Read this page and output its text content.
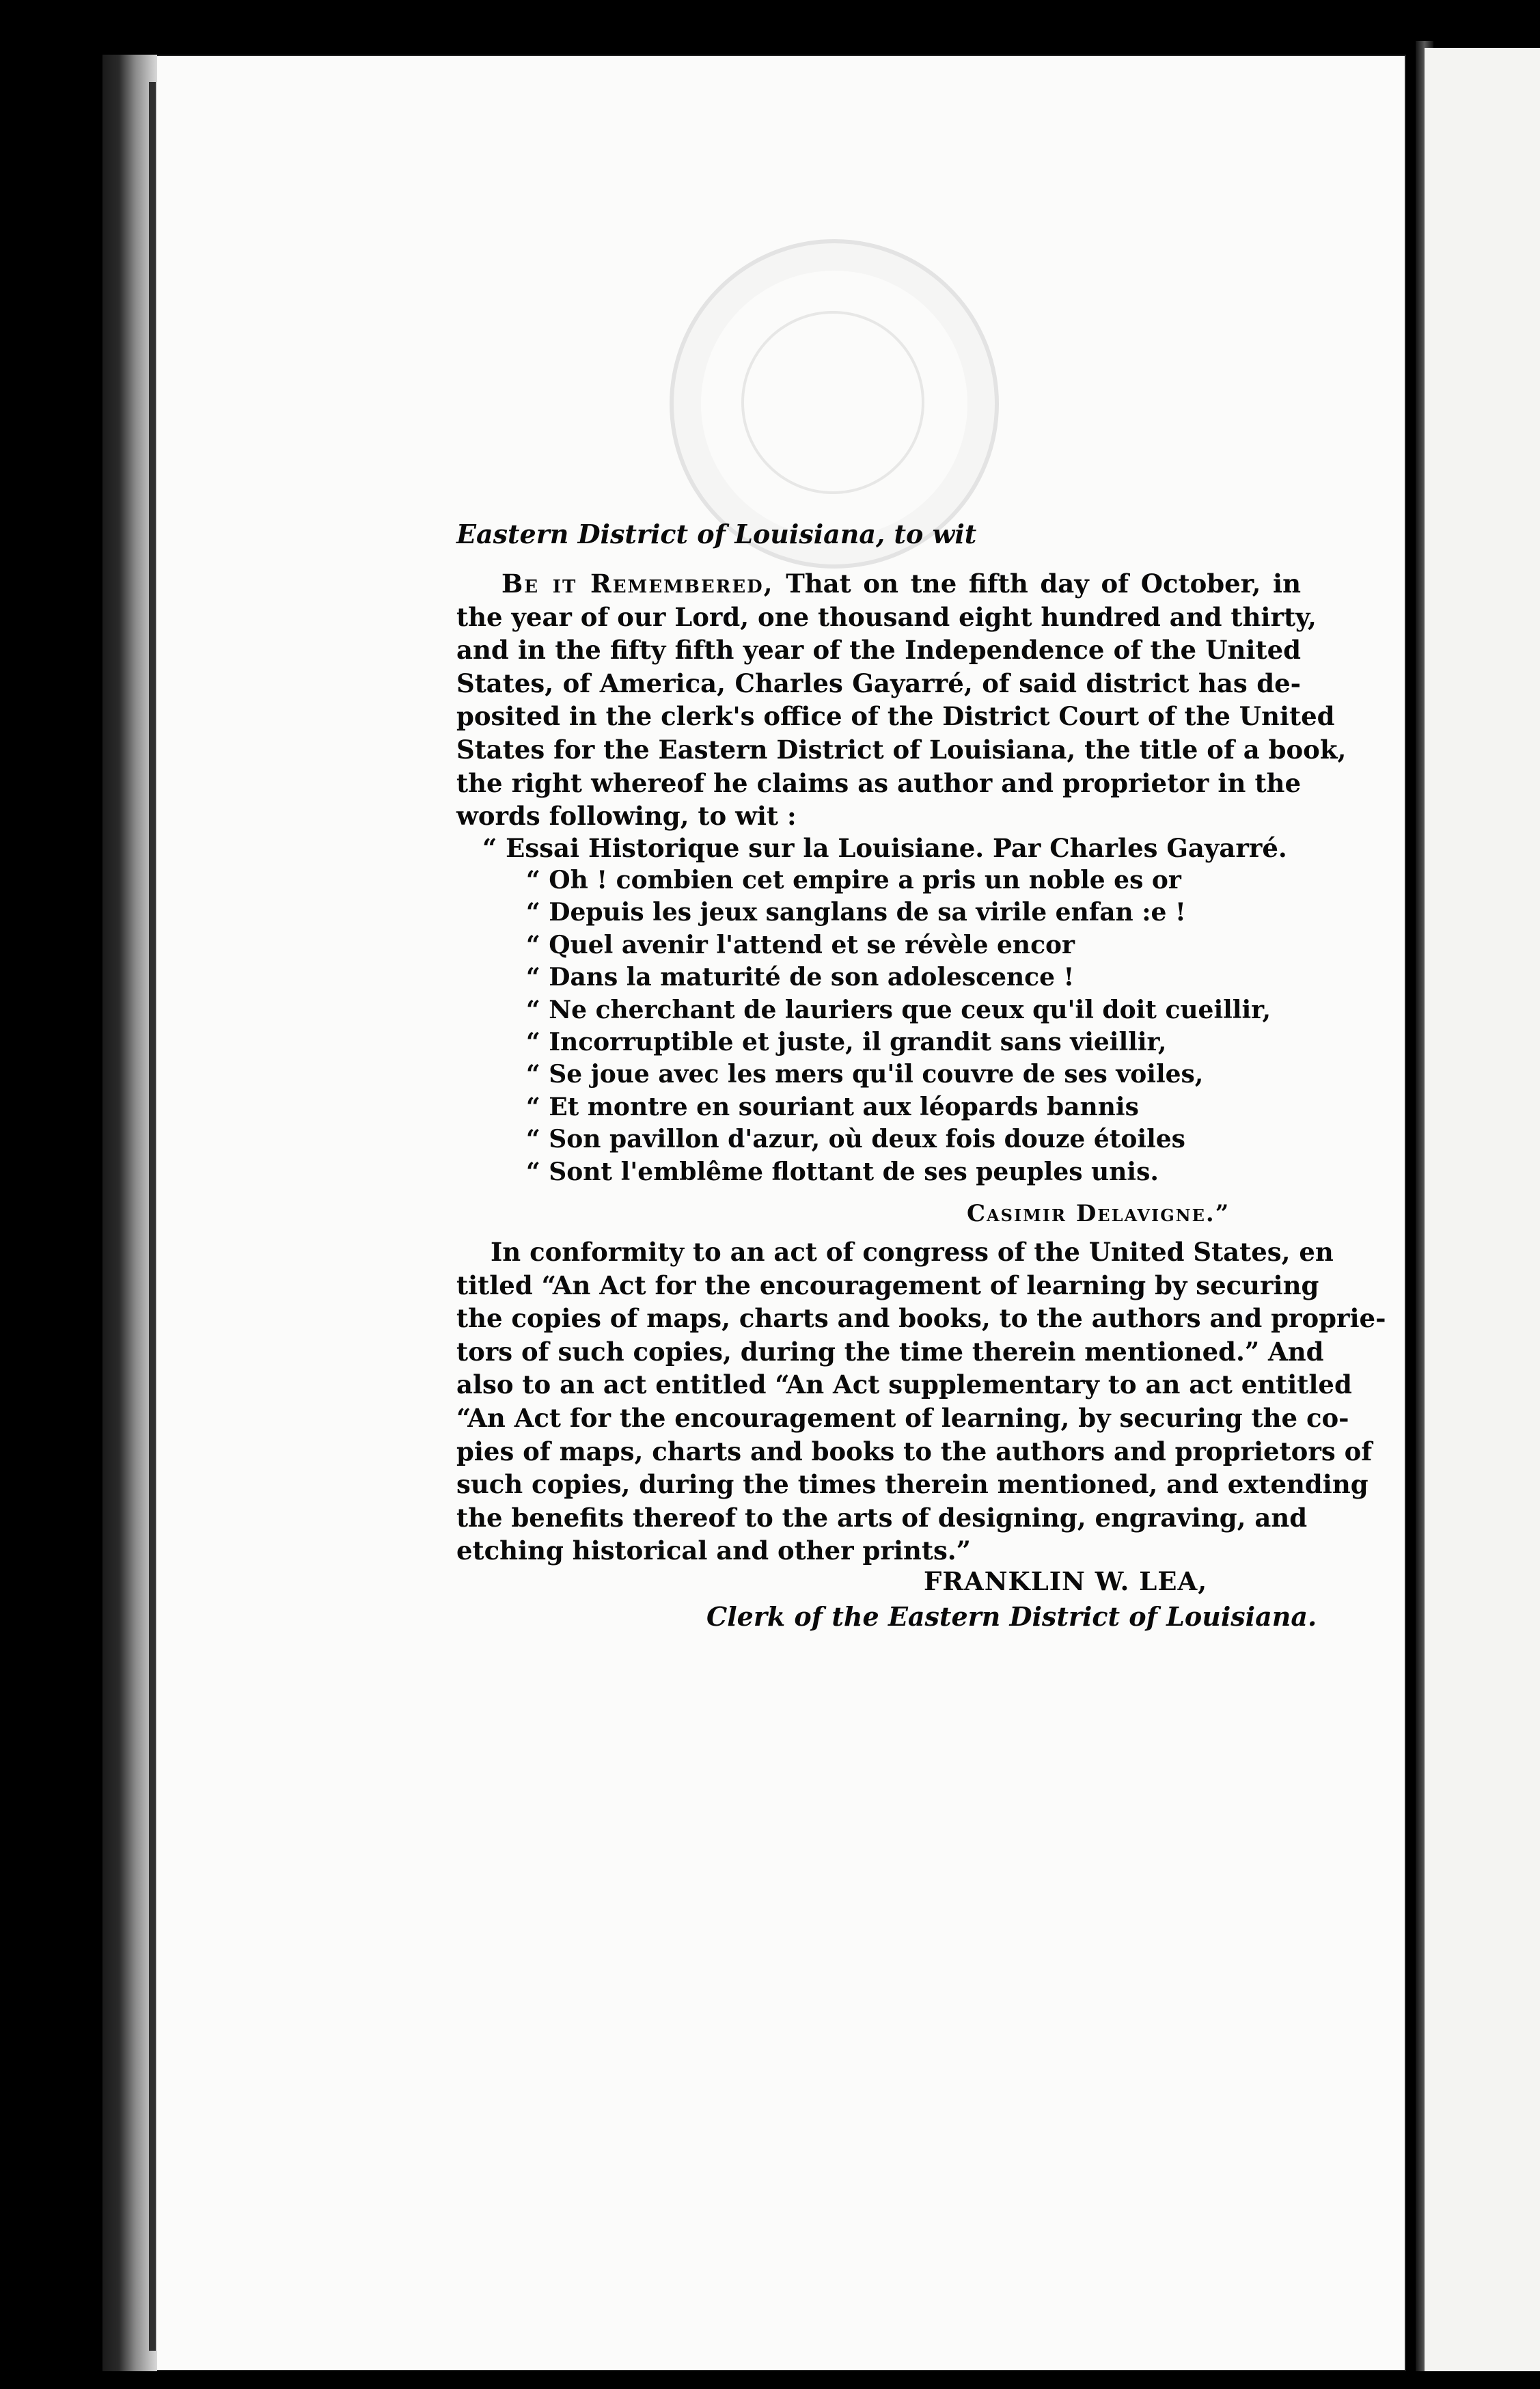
Eastern District of Louisiana, to wit
Be it Remembered, That on tne fifth day of October, in
the year of our Lord, one thousand eight hundred and thirty,
and in the fifty fifth year of the Independence of the United
States, of America, Charles Gayarré, of said district has de-
posited in the clerk's office of the District Court of the United
States for the Eastern District of Louisiana, the title of a book,
the right whereof he claims as author and proprietor in the
words following, to wit :
“ Essai Historique sur la Louisiane. Par Charles Gayarré.
“ Oh ! combien cet empire a pris un noble es or
“ Depuis les jeux sanglans de sa virile enfan :e !
“ Quel avenir l'attend et se révèle encor
“ Dans la maturité de son adolescence !
“ Ne cherchant de lauriers que ceux qu'il doit cueillir,
“ Incorruptible et juste, il grandit sans vieillir,
“ Se joue avec les mers qu'il couvre de ses voiles,
“ Et montre en souriant aux léopards bannis
“ Son pavillon d'azur, où deux fois douze étoiles
“ Sont l'emblême flottant de ses peuples unis.
Casimir Delavigne.”
In conformity to an act of congress of the United States, en
titled “An Act for the encouragement of learning by securing
the copies of maps, charts and books, to the authors and proprie-
tors of such copies, during the time therein mentioned.” And
also to an act entitled “An Act supplementary to an act entitled
“An Act for the encouragement of learning, by securing the co-
pies of maps, charts and books to the authors and proprietors of
such copies, during the times therein mentioned, and extending
the benefits thereof to the arts of designing, engraving, and
etching historical and other prints.”
FRANKLIN W. LEA,
Clerk of the Eastern District of Louisiana.
